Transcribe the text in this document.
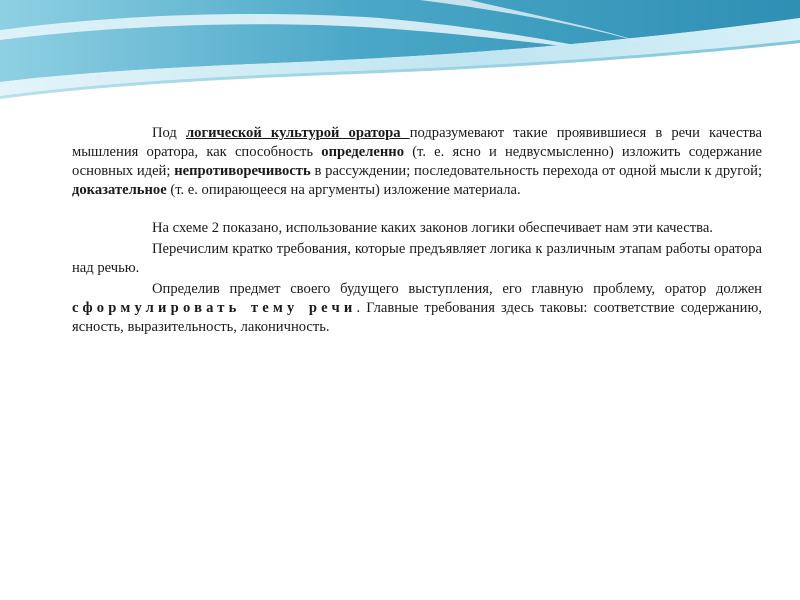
Под логической культурой оратора подразумевают такие проявившиеся в речи качества мышления оратора, как способность определенно (т. е. ясно и недвусмысленно) изложить содержание основных идей; непротиворечивость в рассуждении; последовательность перехода от одной мысли к другой; доказательное (т. е. опирающееся на аргументы) изложение материала.

На схеме 2 показано, использование каких законов логики обеспечивает нам эти качества.

Перечислим кратко требования, которые предъявляет логика к различным этапам работы оратора над речью.

Определив предмет своего будущего выступления, его главную проблему, оратор должен сформулировать тему речи. Главные требования здесь таковы: соответствие содержанию, ясность, выразительность, лаконичность.
